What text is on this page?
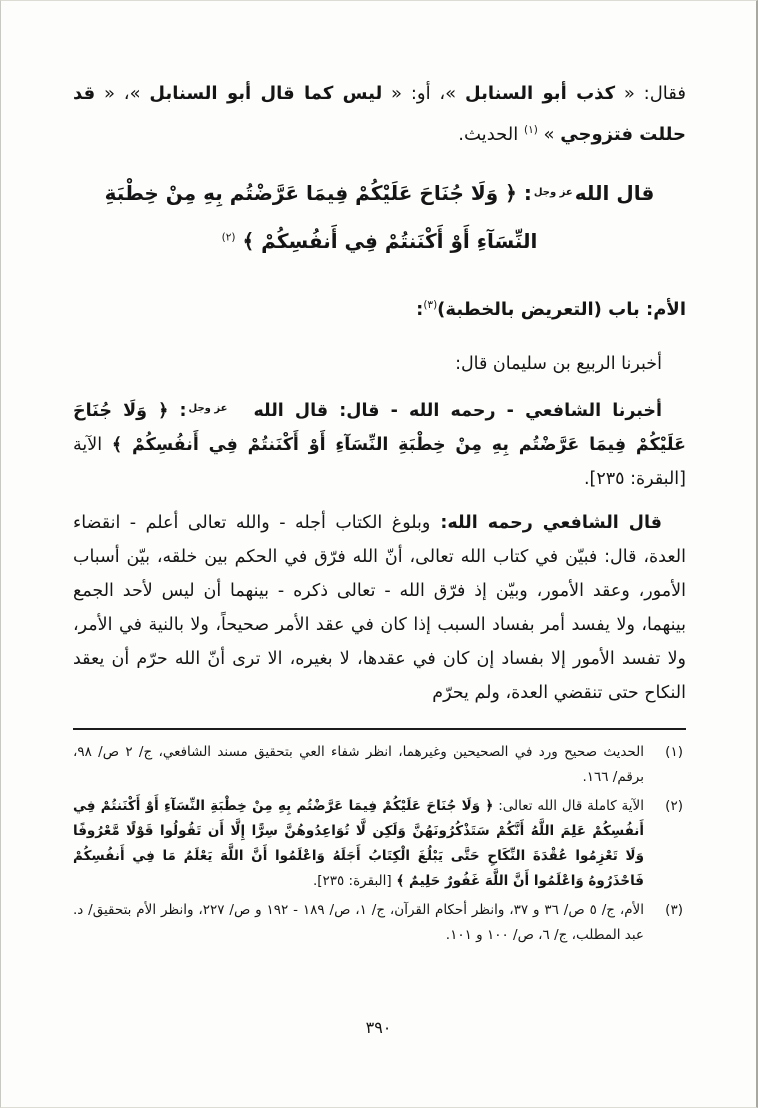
فقال: « كذب أبو السنابل »، أو: « ليس كما قال أبو السنابل »، « قد حللت فتزوجي » $^{(١)}$ الحديث.

قال اللهعز وجل: ﴿ وَلَا جُنَاحَ عَلَيْكُمْ فِيمَا عَرَّضْتُم بِهِ مِنْ خِطْبَةِ النِّسَآءِ أَوْ أَكْنَنتُمْ فِي أَنفُسِكُمْ ﴾ $^{(٢)}$

الأم: باب (التعريض بالخطبة)$^{(٣)}$:

أخبرنا الربيع بن سليمان قال:

أخبرنا الشافعي - رحمه الله - قال: قال اللهعز وجل: ﴿ وَلَا جُنَاحَ عَلَيْكُمْ فِيمَا عَرَّضْتُم بِهِ مِنْ خِطْبَةِ النِّسَآءِ أَوْ أَكْنَنتُمْ فِي أَنفُسِكُمْ ﴾ الآية [البقرة: ٢٣٥].

قال الشافعي رحمه الله: وبلوغ الكتاب أجله - والله تعالى أعلم - انقضاء العدة، قال: فبيّن في كتاب الله تعالى، أنّ الله فرّق في الحكم بين خلقه، بيّن أسباب الأمور، وعقد الأمور، وبيّن إذ فرّق الله - تعالى ذكره - بينهما أن ليس لأحد الجمع بينهما، ولا يفسد أمر بفساد السبب إذا كان في عقد الأمر صحيحاً، ولا بالنية في الأمر، ولا تفسد الأمور إلا بفساد إن كان في عقدها، لا بغيره، الا ترى أنّ الله حرّم أن يعقد النكاح حتى تنقضي العدة، ولم يحرّم

(١)
الحديث صحيح ورد في الصحيحين وغيرهما، انظر شفاء العي بتحقيق مسند الشافعي، ج/ ٢ ص/ ٩٨، برقم/ ١٦٦.
(٢)
الآية كاملة قال الله تعالى: ﴿ وَلَا جُنَاحَ عَلَيْكُمْ فِيمَا عَرَّضْتُم بِهِ مِنْ خِطْبَةِ النِّسَآءِ أَوْ أَكْنَنتُمْ فِي أَنفُسِكُمْ عَلِمَ اللَّهُ أَنَّكُمْ سَتَذْكُرُونَهُنَّ وَلَكِن لَّا تُوَاعِدُوهُنَّ سِرًّا إِلَّا أَن تَقُولُوا قَوْلًا مَّعْرُوفًا وَلَا تَعْزِمُوا عُقْدَةَ النِّكَاحِ حَتَّى يَبْلُغَ الْكِتَابُ أَجَلَهُ وَاعْلَمُوا أَنَّ اللَّهَ يَعْلَمُ مَا فِي أَنفُسِكُمْ فَاحْذَرُوهُ وَاعْلَمُوا أَنَّ اللَّهَ غَفُورٌ حَلِيمٌ ﴾ [البقرة: ٢٣٥].
(٣)
الأم، ج/ ٥ ص/ ٣٦ و ٣٧، وانظر أحكام القرآن، ج/ ١، ص/ ١٨٩ - ١٩٢ و ص/ ٢٢٧، وانظر الأم بتحقيق/ د. عبد المطلب، ج/ ٦، ص/ ١٠٠ و ١٠١.
٣٩٠
